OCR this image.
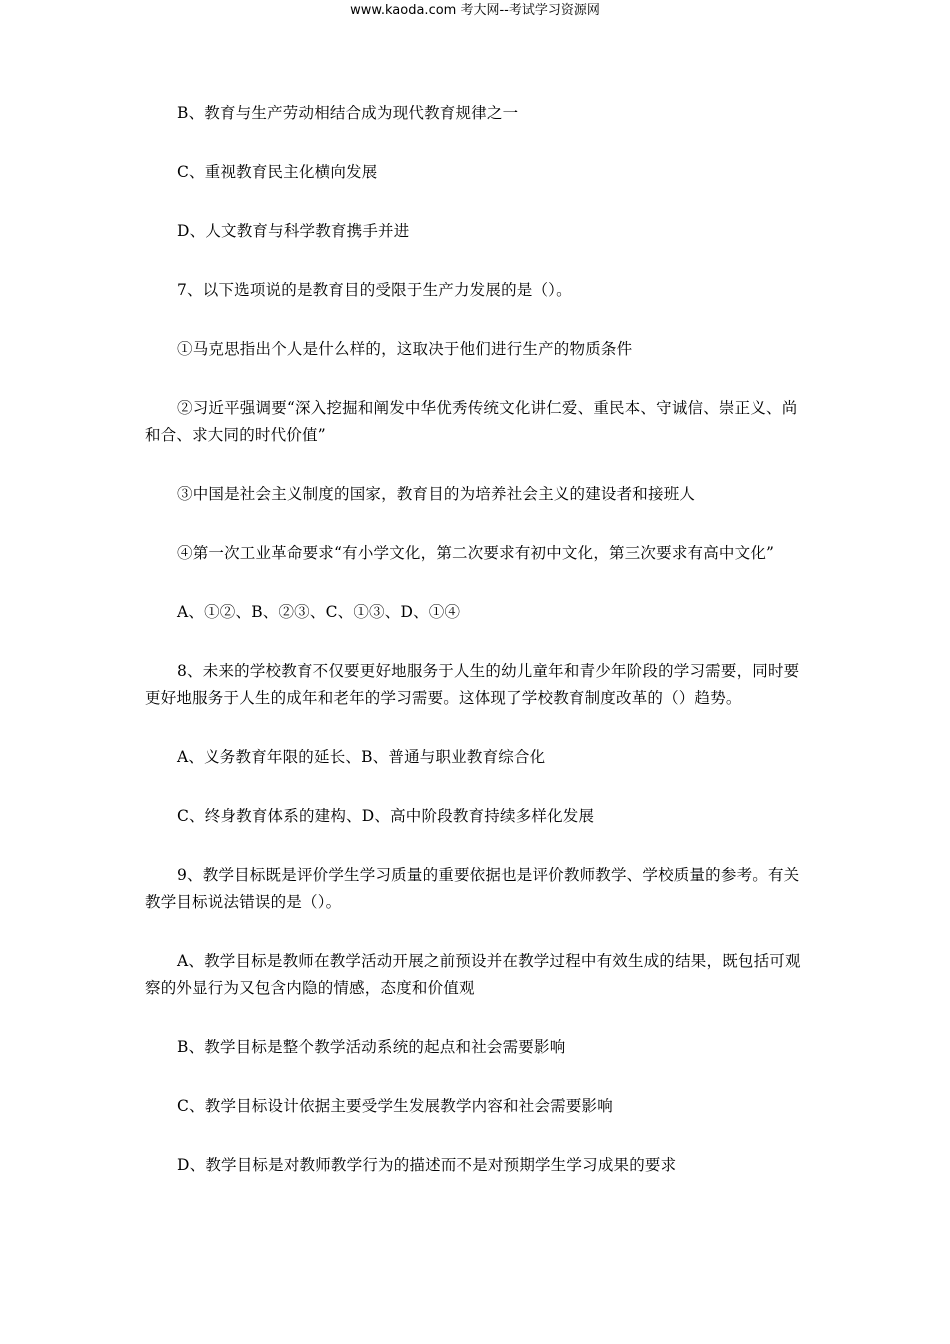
www.kaoda.com 考大网--考试学习资源网

B、教育与生产劳动相结合成为现代教育规律之一

C、重视教育民主化横向发展

D、人文教育与科学教育携手并进

7、以下选项说的是教育目的受限于生产力发展的是（）。

①马克思指出个人是什么样的，这取决于他们进行生产的物质条件

②习近平强调要“深入挖掘和阐发中华优秀传统文化讲仁爱、重民本、守诚信、崇正义、尚和合、求大同的时代价值”

③中国是社会主义制度的国家，教育目的为培养社会主义的建设者和接班人

④第一次工业革命要求“有小学文化，第二次要求有初中文化，第三次要求有高中文化”

A、①②、B、②③、C、①③、D、①④

8、未来的学校教育不仅要更好地服务于人生的幼儿童年和青少年阶段的学习需要，同时要更好地服务于人生的成年和老年的学习需要。这体现了学校教育制度改革的（）趋势。

A、义务教育年限的延长、B、普通与职业教育综合化

C、终身教育体系的建构、D、高中阶段教育持续多样化发展

9、教学目标既是评价学生学习质量的重要依据也是评价教师教学、学校质量的参考。有关教学目标说法错误的是（）。

A、教学目标是教师在教学活动开展之前预设并在教学过程中有效生成的结果，既包括可观察的外显行为又包含内隐的情感，态度和价值观

B、教学目标是整个教学活动系统的起点和社会需要影响

C、教学目标设计依据主要受学生发展教学内容和社会需要影响

D、教学目标是对教师教学行为的描述而不是对预期学生学习成果的要求
